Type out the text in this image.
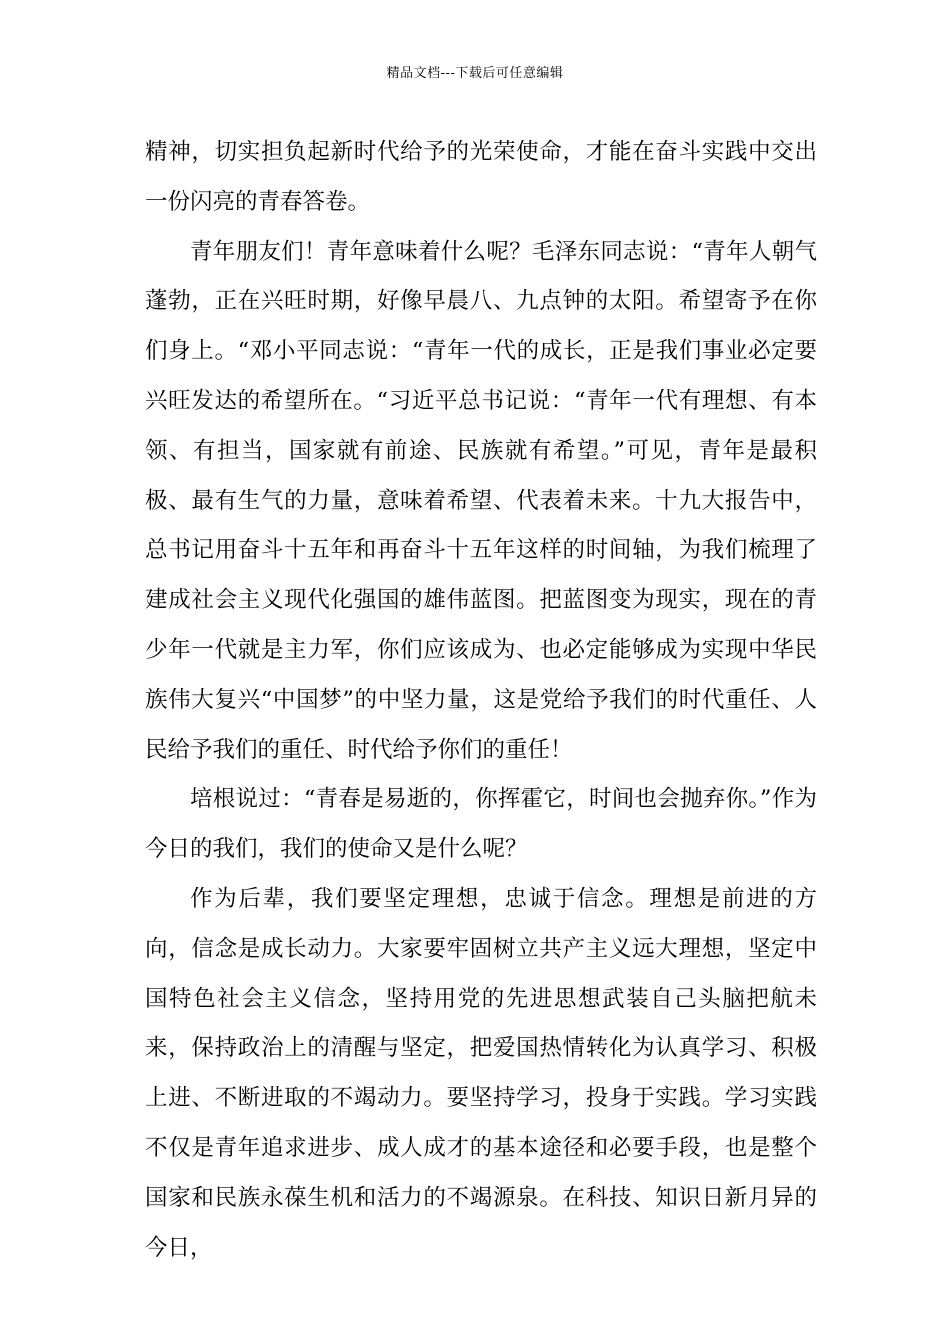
精品文档---下载后可任意编辑

精神，切实担负起新时代给予的光荣使命，才能在奋斗实践中交出一份闪亮的青春答卷。

青年朋友们！青年意味着什么呢？毛泽东同志说：“青年人朝气蓬勃，正在兴旺时期，好像早晨八、九点钟的太阳。希望寄予在你们身上。“邓小平同志说：“青年一代的成长，正是我们事业必定要兴旺发达的希望所在。“习近平总书记说：“青年一代有理想、有本领、有担当，国家就有前途、民族就有希望。”可见，青年是最积极、最有生气的力量，意味着希望、代表着未来。十九大报告中，总书记用奋斗十五年和再奋斗十五年这样的时间轴，为我们梳理了建成社会主义现代化强国的雄伟蓝图。把蓝图变为现实，现在的青少年一代就是主力军，你们应该成为、也必定能够成为实现中华民族伟大复兴“中国梦”的中坚力量，这是党给予我们的时代重任、人民给予我们的重任、时代给予你们的重任！

培根说过：“青春是易逝的，你挥霍它，时间也会抛弃你。”作为今日的我们，我们的使命又是什么呢？

作为后辈，我们要坚定理想，忠诚于信念。理想是前进的方向，信念是成长动力。大家要牢固树立共产主义远大理想，坚定中国特色社会主义信念，坚持用党的先进思想武装自己头脑把航未来，保持政治上的清醒与坚定，把爱国热情转化为认真学习、积极上进、不断进取的不竭动力。要坚持学习，投身于实践。学习实践不仅是青年追求进步、成人成才的基本途径和必要手段，也是整个国家和民族永葆生机和活力的不竭源泉。在科技、知识日新月异的今日，
